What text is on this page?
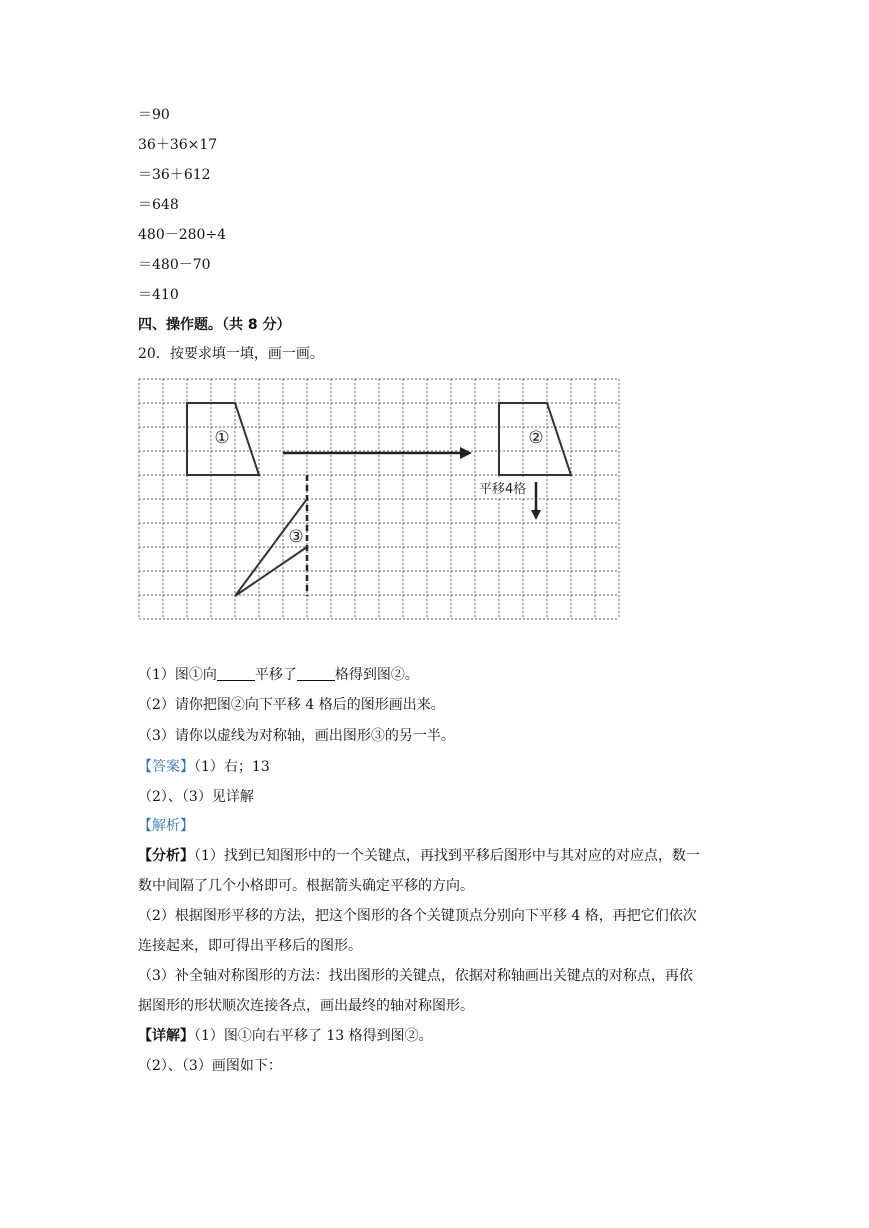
＝90
36＋36×17
＝36＋612
＝648
480－280÷4
＝480－70
＝410
四、操作题。（共 8 分）
20．按要求填一填，画一画。
①	②
③
平移4格
（1）图①向	平移了	格得到图②。
（2）请你把图②向下平移 4 格后的图形画出来。
（3）请你以虚线为对称轴，画出图形③的另一半。
【答案】（1）右；13
（2）、（3）见详解
【解析】
【分析】（1）找到已知图形中的一个关键点，再找到平移后图形中与其对应的对应点，数一
数中间隔了几个小格即可。根据箭头确定平移的方向。
（2）根据图形平移的方法，把这个图形的各个关键顶点分别向下平移 4 格，再把它们依次
连接起来，即可得出平移后的图形。
（3）补全轴对称图形的方法：找出图形的关键点，依据对称轴画出关键点的对称点，再依
据图形的形状顺次连接各点，画出最终的轴对称图形。
【详解】（1）图①向右平移了 13 格得到图②。
（2）、（3）画图如下：
